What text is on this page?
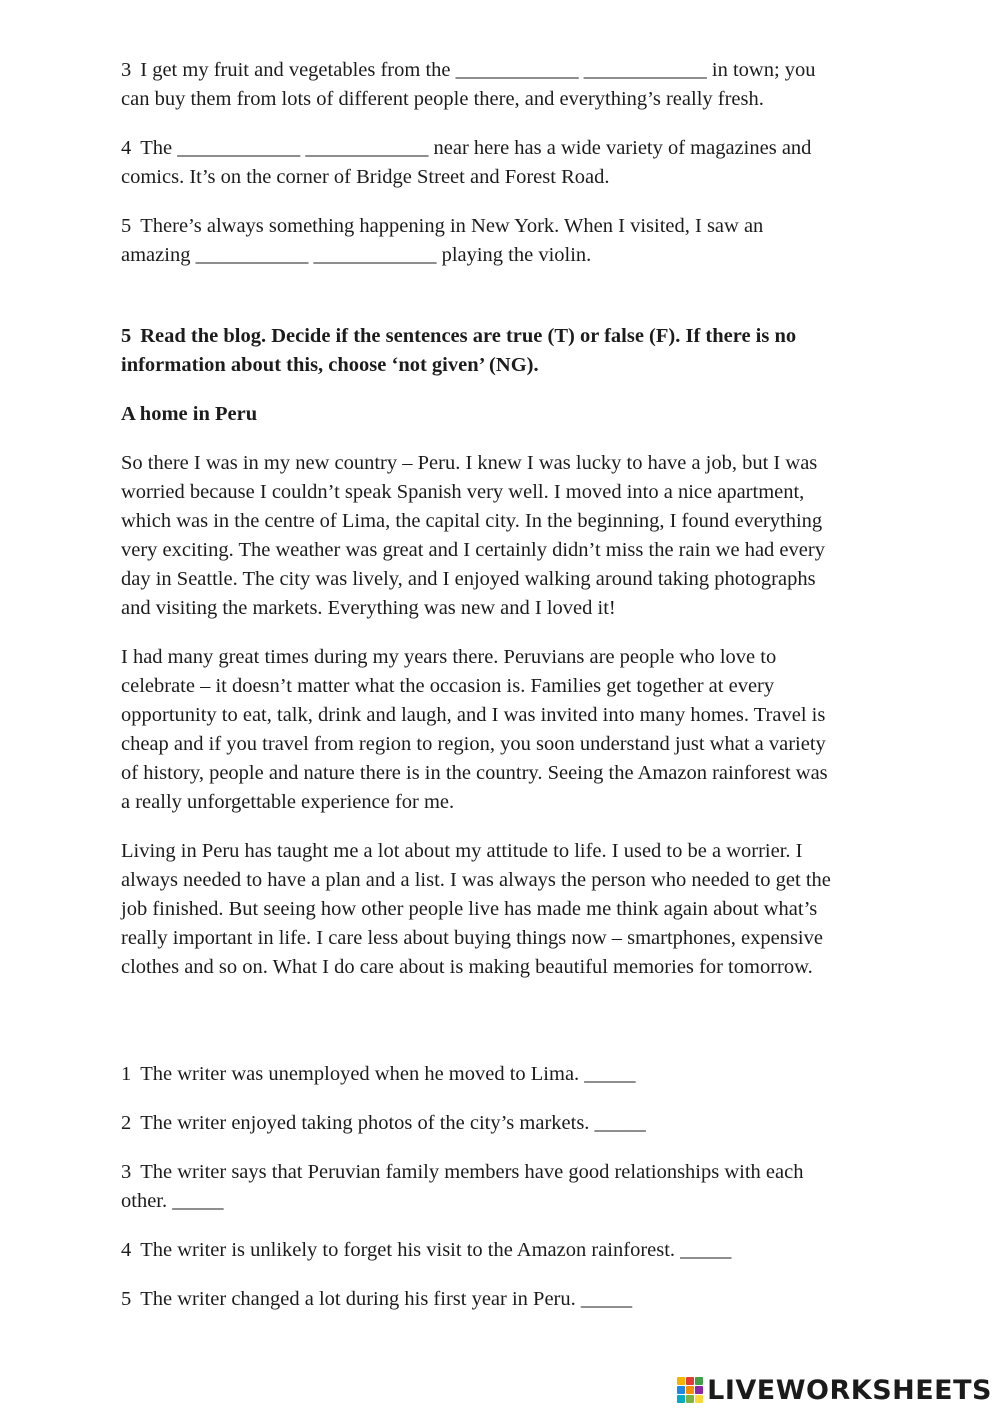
3 I get my fruit and vegetables from the ____________ ____________ in town; you
can buy them from lots of different people there, and everything’s really fresh.
4 The ____________ ____________ near here has a wide variety of magazines and
comics. It’s on the corner of Bridge Street and Forest Road.
5 There’s always something happening in New York. When I visited, I saw an
amazing ___________ ____________ playing the violin.
5 Read the blog. Decide if the sentences are true (T) or false (F). If there is no
information about this, choose ‘not given’ (NG).
A home in Peru
So there I was in my new country – Peru. I knew I was lucky to have a job, but I was
worried because I couldn’t speak Spanish very well. I moved into a nice apartment,
which was in the centre of Lima, the capital city. In the beginning, I found everything
very exciting. The weather was great and I certainly didn’t miss the rain we had every
day in Seattle. The city was lively, and I enjoyed walking around taking photographs
and visiting the markets. Everything was new and I loved it!
I had many great times during my years there. Peruvians are people who love to
celebrate – it doesn’t matter what the occasion is. Families get together at every
opportunity to eat, talk, drink and laugh, and I was invited into many homes. Travel is
cheap and if you travel from region to region, you soon understand just what a variety
of history, people and nature there is in the country. Seeing the Amazon rainforest was
a really unforgettable experience for me.
Living in Peru has taught me a lot about my attitude to life. I used to be a worrier. I
always needed to have a plan and a list. I was always the person who needed to get the
job finished. But seeing how other people live has made me think again about what’s
really important in life. I care less about buying things now – smartphones, expensive
clothes and so on. What I do care about is making beautiful memories for tomorrow.
1 The writer was unemployed when he moved to Lima. _____
2 The writer enjoyed taking photos of the city’s markets. _____
3 The writer says that Peruvian family members have good relationships with each
other. _____
4 The writer is unlikely to forget his visit to the Amazon rainforest. _____
5 The writer changed a lot during his first year in Peru. _____
LIVEWORKSHEETS
